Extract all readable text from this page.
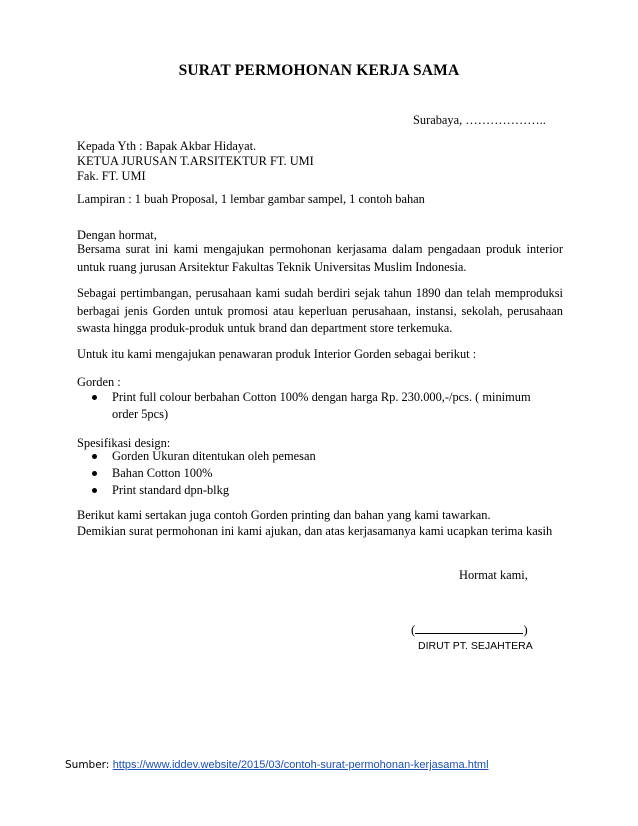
SURAT PERMOHONAN KERJA SAMA
Surabaya, ………………..
Kepada Yth : Bapak Akbar Hidayat.
KETUA JURUSAN T.ARSITEKTUR FT. UMI
Fak. FT. UMI
Lampiran : 1 buah Proposal, 1 lembar gambar sampel, 1 contoh bahan
Dengan hormat,
Bersama surat ini kami mengajukan permohonan kerjasama dalam pengadaan produk interior untuk ruang jurusan Arsitektur Fakultas Teknik Universitas Muslim Indonesia.
Sebagai pertimbangan, perusahaan kami sudah berdiri sejak tahun 1890 dan telah memproduksi berbagai jenis Gorden untuk promosi atau keperluan perusahaan, instansi, sekolah, perusahaan swasta hingga produk-produk untuk brand dan department store terkemuka.
Untuk itu kami mengajukan penawaran produk Interior Gorden sebagai berikut :
Gorden :
Print full colour berbahan Cotton 100% dengan harga Rp. 230.000,-/pcs. ( minimum order 5pcs)
Spesifikasi design:
Gorden Ukuran ditentukan oleh pemesan
Bahan Cotton 100%
Print standard dpn-blkg
Berikut kami sertakan juga contoh Gorden printing dan bahan yang kami tawarkan.
Demikian surat permohonan ini kami ajukan, dan atas kerjasamanya kami ucapkan terima kasih
Hormat kami,
(	)
DIRUT PT. SEJAHTERA
Sumber: https://www.iddev.website/2015/03/contoh-surat-permohonan-kerjasama.html
